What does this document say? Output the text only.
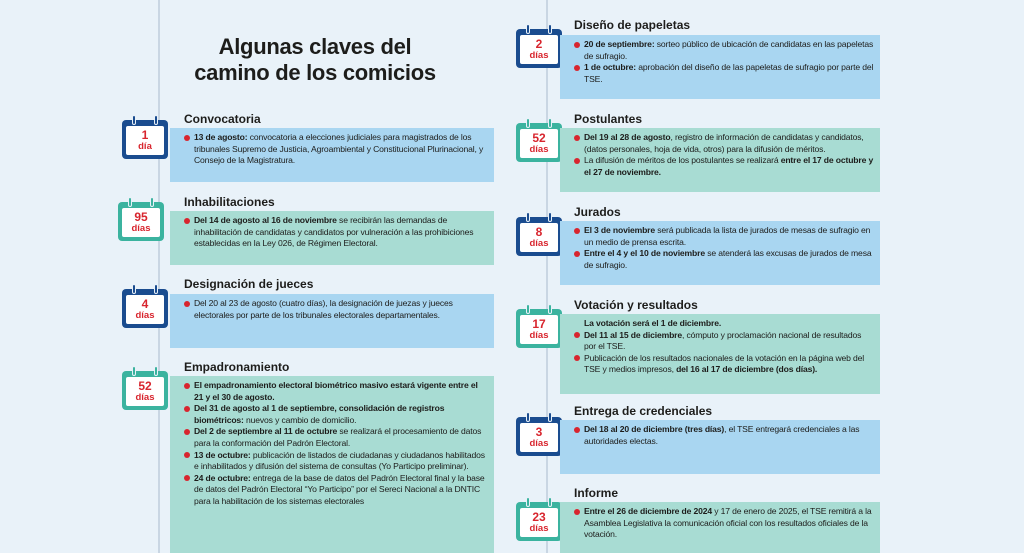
Algunas claves del
camino de los comicios
1
día
Convocatoria
13 de agosto: convocatoria a elecciones judiciales para magistrados de los tribunales Supremo de Justicia, Agroambiental y Constitucional Plurinacional, y Consejo de la Magistratura.
95
días
Inhabilitaciones
Del 14 de agosto al 16 de noviembre se recibirán las demandas de inhabilitación de candidatas y candidatos por vulneración a las prohibiciones establecidas en la Ley 026, de Régimen Electoral.
4
días
Designación de jueces
Del 20 al 23 de agosto (cuatro días), la designación de juezas y jueces electorales por parte de los tribunales electorales departamentales.
52
días
Empadronamiento
El empadronamiento electoral biométrico masivo estará vigente entre el 21 y el 30 de agosto.
Del 31 de agosto al 1 de septiembre, consolidación de registros biométricos: nuevos y cambio de domicilio.
Del 2 de septiembre al 11 de octubre se realizará el procesamiento de datos para la conformación del Padrón Electoral.
13 de octubre: publicación de listados de ciudadanas y ciudadanos habilitados e inhabilitados y difusión del sistema de consultas (Yo Participo preliminar).
24 de octubre: entrega de la base de datos del Padrón Electoral final y la base de datos del Padrón Electoral “Yo Participo” por el Sereci Nacional a la DNTIC para la habilitación de los sistemas electorales
2
días
Diseño de papeletas
20 de septiembre: sorteo público de ubicación de candidatas en las papeletas de sufragio.
1 de octubre: aprobación del diseño de las papeletas de sufragio por parte del TSE.
52
días
Postulantes
Del 19 al 28 de agosto, registro de información de candidatas y candidatos, (datos personales, hoja de vida, otros) para la difusión de méritos.
La difusión de méritos de los postulantes se realizará entre el 17 de octubre y el 27 de noviembre.
8
días
Jurados
El 3 de noviembre será publicada la lista de jurados de mesas de sufragio en un medio de prensa escrita.
Entre el 4 y el 10 de noviembre se atenderá las excusas de jurados de mesa de sufragio.
17
días
Votación y resultados
La votación será el 1 de diciembre.
Del 11 al 15 de diciembre, cómputo y proclamación nacional de resultados por el TSE.
Publicación de los resultados nacionales de la votación en la página web del TSE y medios impresos, del 16 al 17 de diciembre (dos días).
3
días
Entrega de credenciales
Del 18 al 20 de diciembre (tres días), el TSE entregará credenciales a las autoridades electas.
23
días
Informe
Entre el 26 de diciembre de 2024 y 17 de enero de 2025, el TSE remitirá a la Asamblea Legislativa la comunicación oficial con los resultados oficiales de la votación.
